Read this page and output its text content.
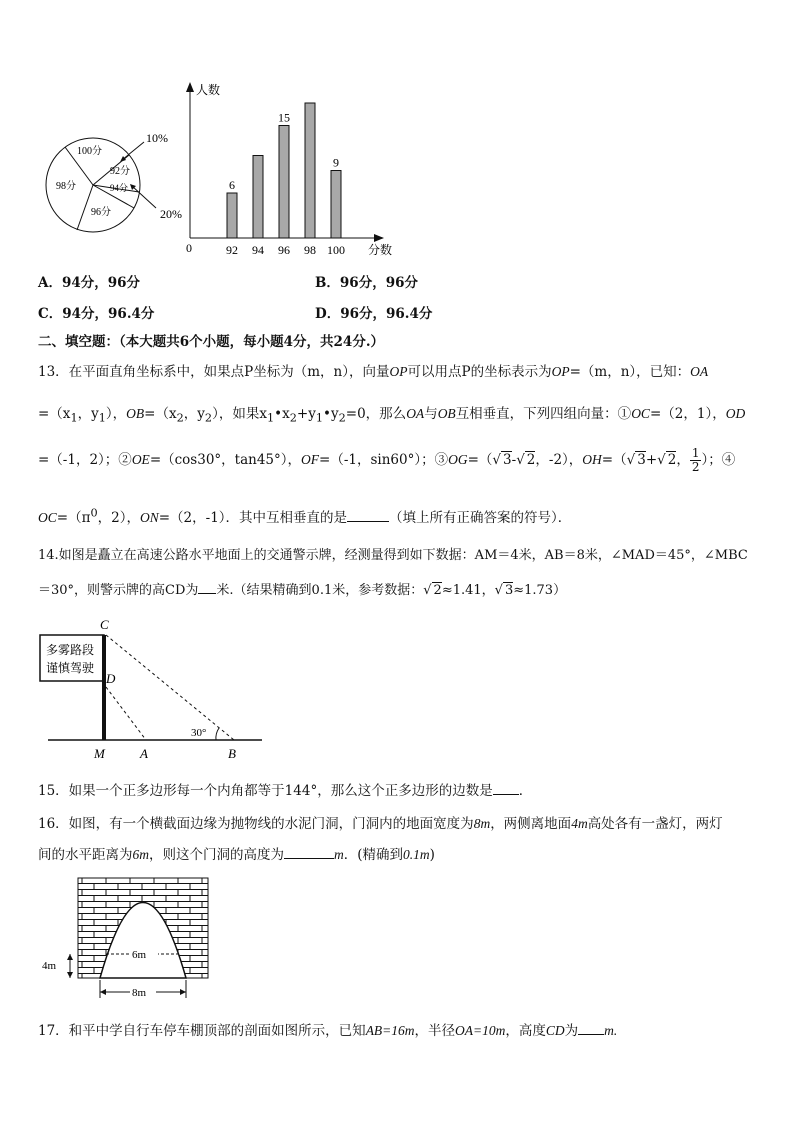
100分
92分
94分
98分
96分
10%
20%
人数
分数
0	92
6
94 96
15
98 100
9
A．94分，96分	B．96分，96分
C．94分，96.4分	D．96分，96.4分
二、填空题：（本大题共6个小题，每小题4分，共24分.）
13．在平面直角坐标系中，如果点P坐标为（m，n），向量OP可以用点P的坐标表示为OP=（m，n），已知：OA
$=(x_1$，$y_1$），$OB=(x_2$，$y_2$），如果$x_1•x_2+y_1•y_2=0$，那么OA与OB互相垂直，下列四组向量：①OC=（2，1），OD
=（-1，2）；②OE=（cos30°，tan45°），OF=（-1，sin60°）；③OG=（√ 3-√ 2，-2），OH=（√ 3+√ 2， $\frac{1}{2}$ ）；④
$OC=(\pi^0$，2），ON=（2，-1）．其中互相垂直的是	（填上所有正确答案的符号）．
14.如图是矗立在高速公路水平地面上的交通警示牌，经测量得到如下数据：AM＝4米，AB＝8米，∠MAD＝45°，∠MBC
＝30°，则警示牌的高CD为 米.（结果精确到0.1米，参考数据：√ 2≈1.41，√ 3≈1.73）
多雾路段
谨慎驾驶
C
D
M	A	B
30°
15．如果一个正多边形每一个内角都等于144°，那么这个正多边形的边数是 ．
16．如图，有一个横截面边缘为抛物线的水泥门洞，门洞内的地面宽度为8m，两侧离地面4m高处各有一盏灯，两灯
间的水平距离为6m，则这个门洞的高度为	m．(精确到0.1m)
4m
6m
8m
17．和平中学自行车停车棚顶部的剖面如图所示，已知AB=16m，半径OA=10m，高度CD为 m.
